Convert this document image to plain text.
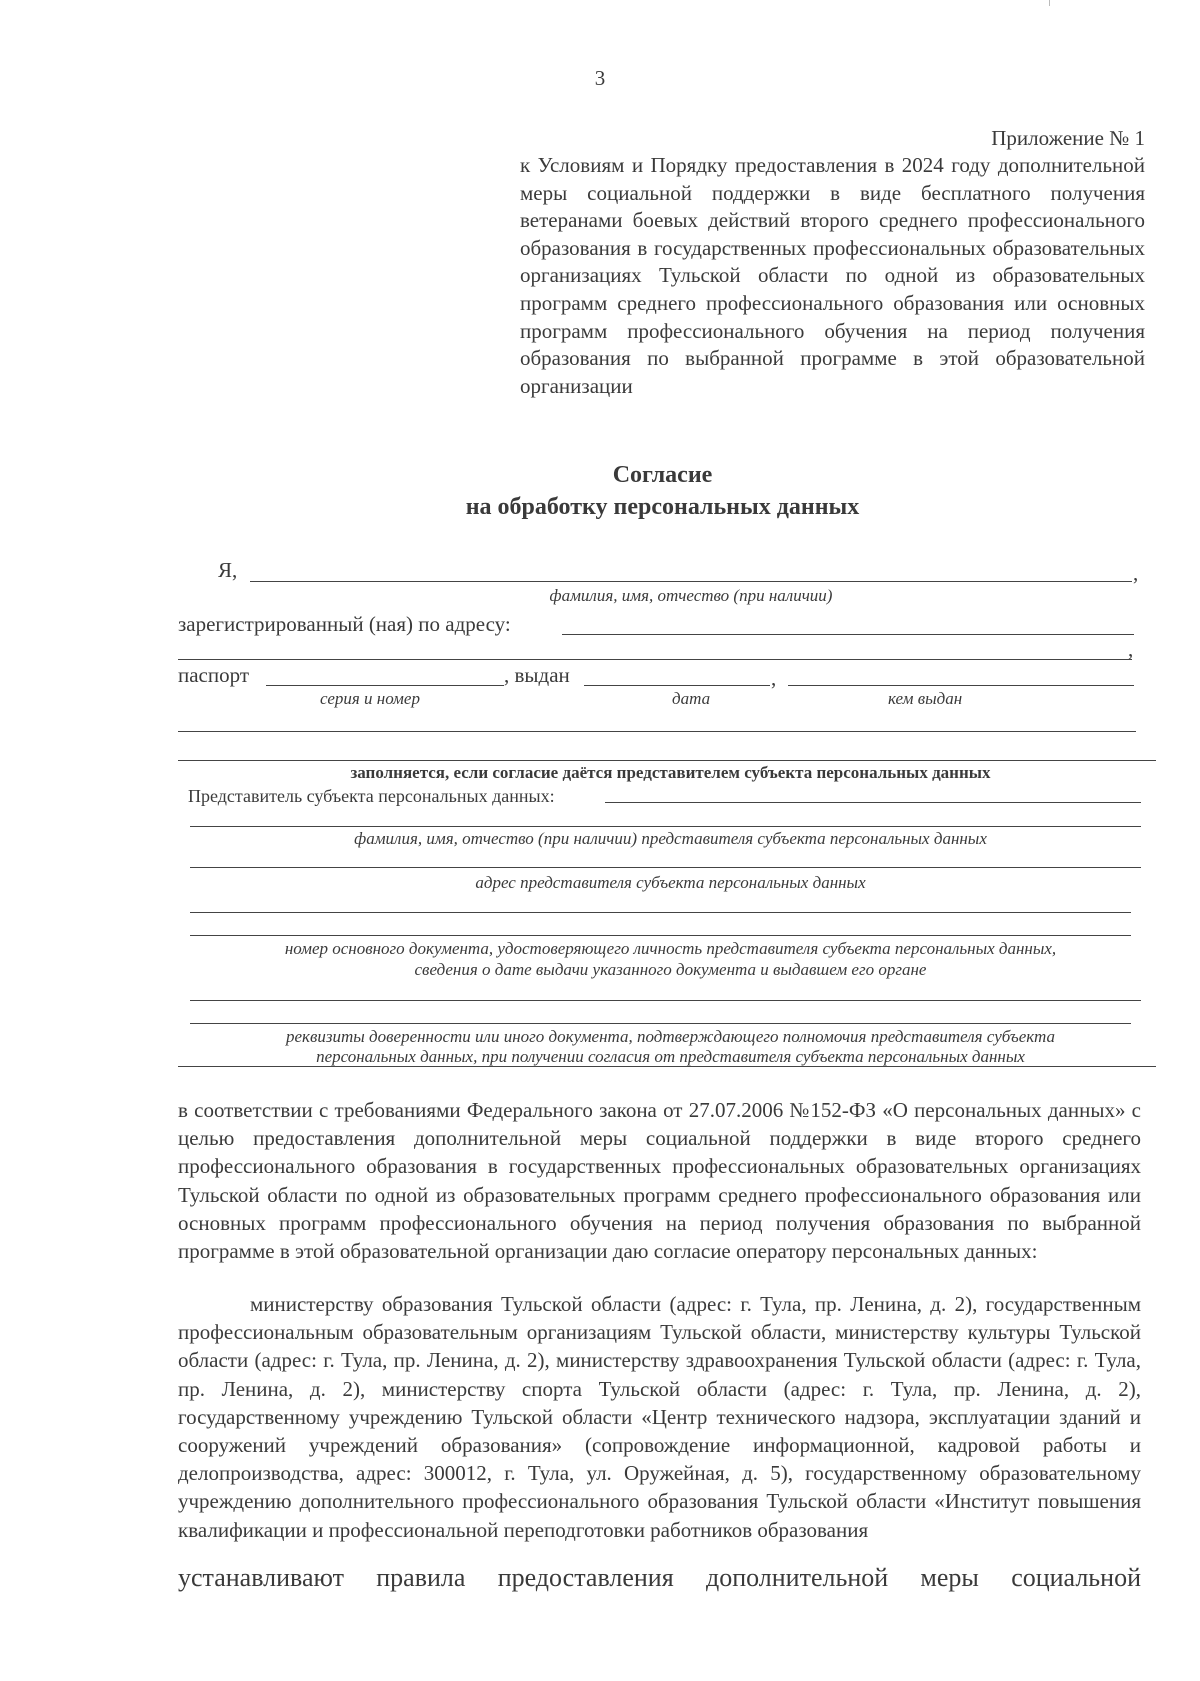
3
Приложение № 1
к Условиям и Порядку предоставления в 2024 году дополнительной меры социальной поддержки в виде бесплатного получения ветеранами боевых действий второго среднего профессионального образования в государственных профессиональных образовательных организациях Тульской области по одной из образовательных программ среднего профессионального образования или основных программ профессионального обучения на период получения образования по выбранной программе в этой образовательной организации
Согласие
на обработку персональных данных
Я,	,
фамилия, имя, отчество (при наличии)
зарегистрированный (ная) по адресу:
,
паспорт	, выдан	,
серия и номер	дата	кем выдан
заполняется, если согласие даётся представителем субъекта персональных данных
Представитель субъекта персональных данных:
фамилия, имя, отчество (при наличии) представителя субъекта персональных данных
адрес представителя субъекта персональных данных
номер основного документа, удостоверяющего личность представителя субъекта персональных данных,
сведения о дате выдачи указанного документа и выдавшем его органе
реквизиты доверенности или иного документа, подтверждающего полномочия представителя субъекта
персональных данных, при получении согласия от представителя субъекта персональных данных
в соответствии с требованиями Федерального закона от 27.07.2006 №152-ФЗ «О персональных данных» с целью предоставления дополнительной меры социальной поддержки в виде второго среднего профессионального образования в государственных профессиональных образовательных организациях Тульской области по одной из образовательных программ среднего профессионального образования или основных программ профессионального обучения на период получения образования по выбранной программе в этой образовательной организации даю согласие оператору персональных данных:
министерству образования Тульской области (адрес: г. Тула, пр. Ленина, д. 2), государственным профессиональным образовательным организациям Тульской области, министерству культуры Тульской области (адрес: г. Тула, пр. Ленина, д. 2), министерству здравоохранения Тульской области (адрес: г. Тула, пр. Ленина, д. 2), министерству спорта Тульской области (адрес: г. Тула, пр. Ленина, д. 2), государственному учреждению Тульской области «Центр технического надзора, эксплуатации зданий и сооружений учреждений образования» (сопровождение информационной, кадровой работы и делопроизводства, адрес: 300012, г. Тула, ул. Оружейная, д. 5), государственному образовательному учреждению дополнительного профессионального образования Тульской области «Институт повышения квалификации и профессиональной переподготовки работников образования
устанавливают правила предоставления дополнительной меры социальной
